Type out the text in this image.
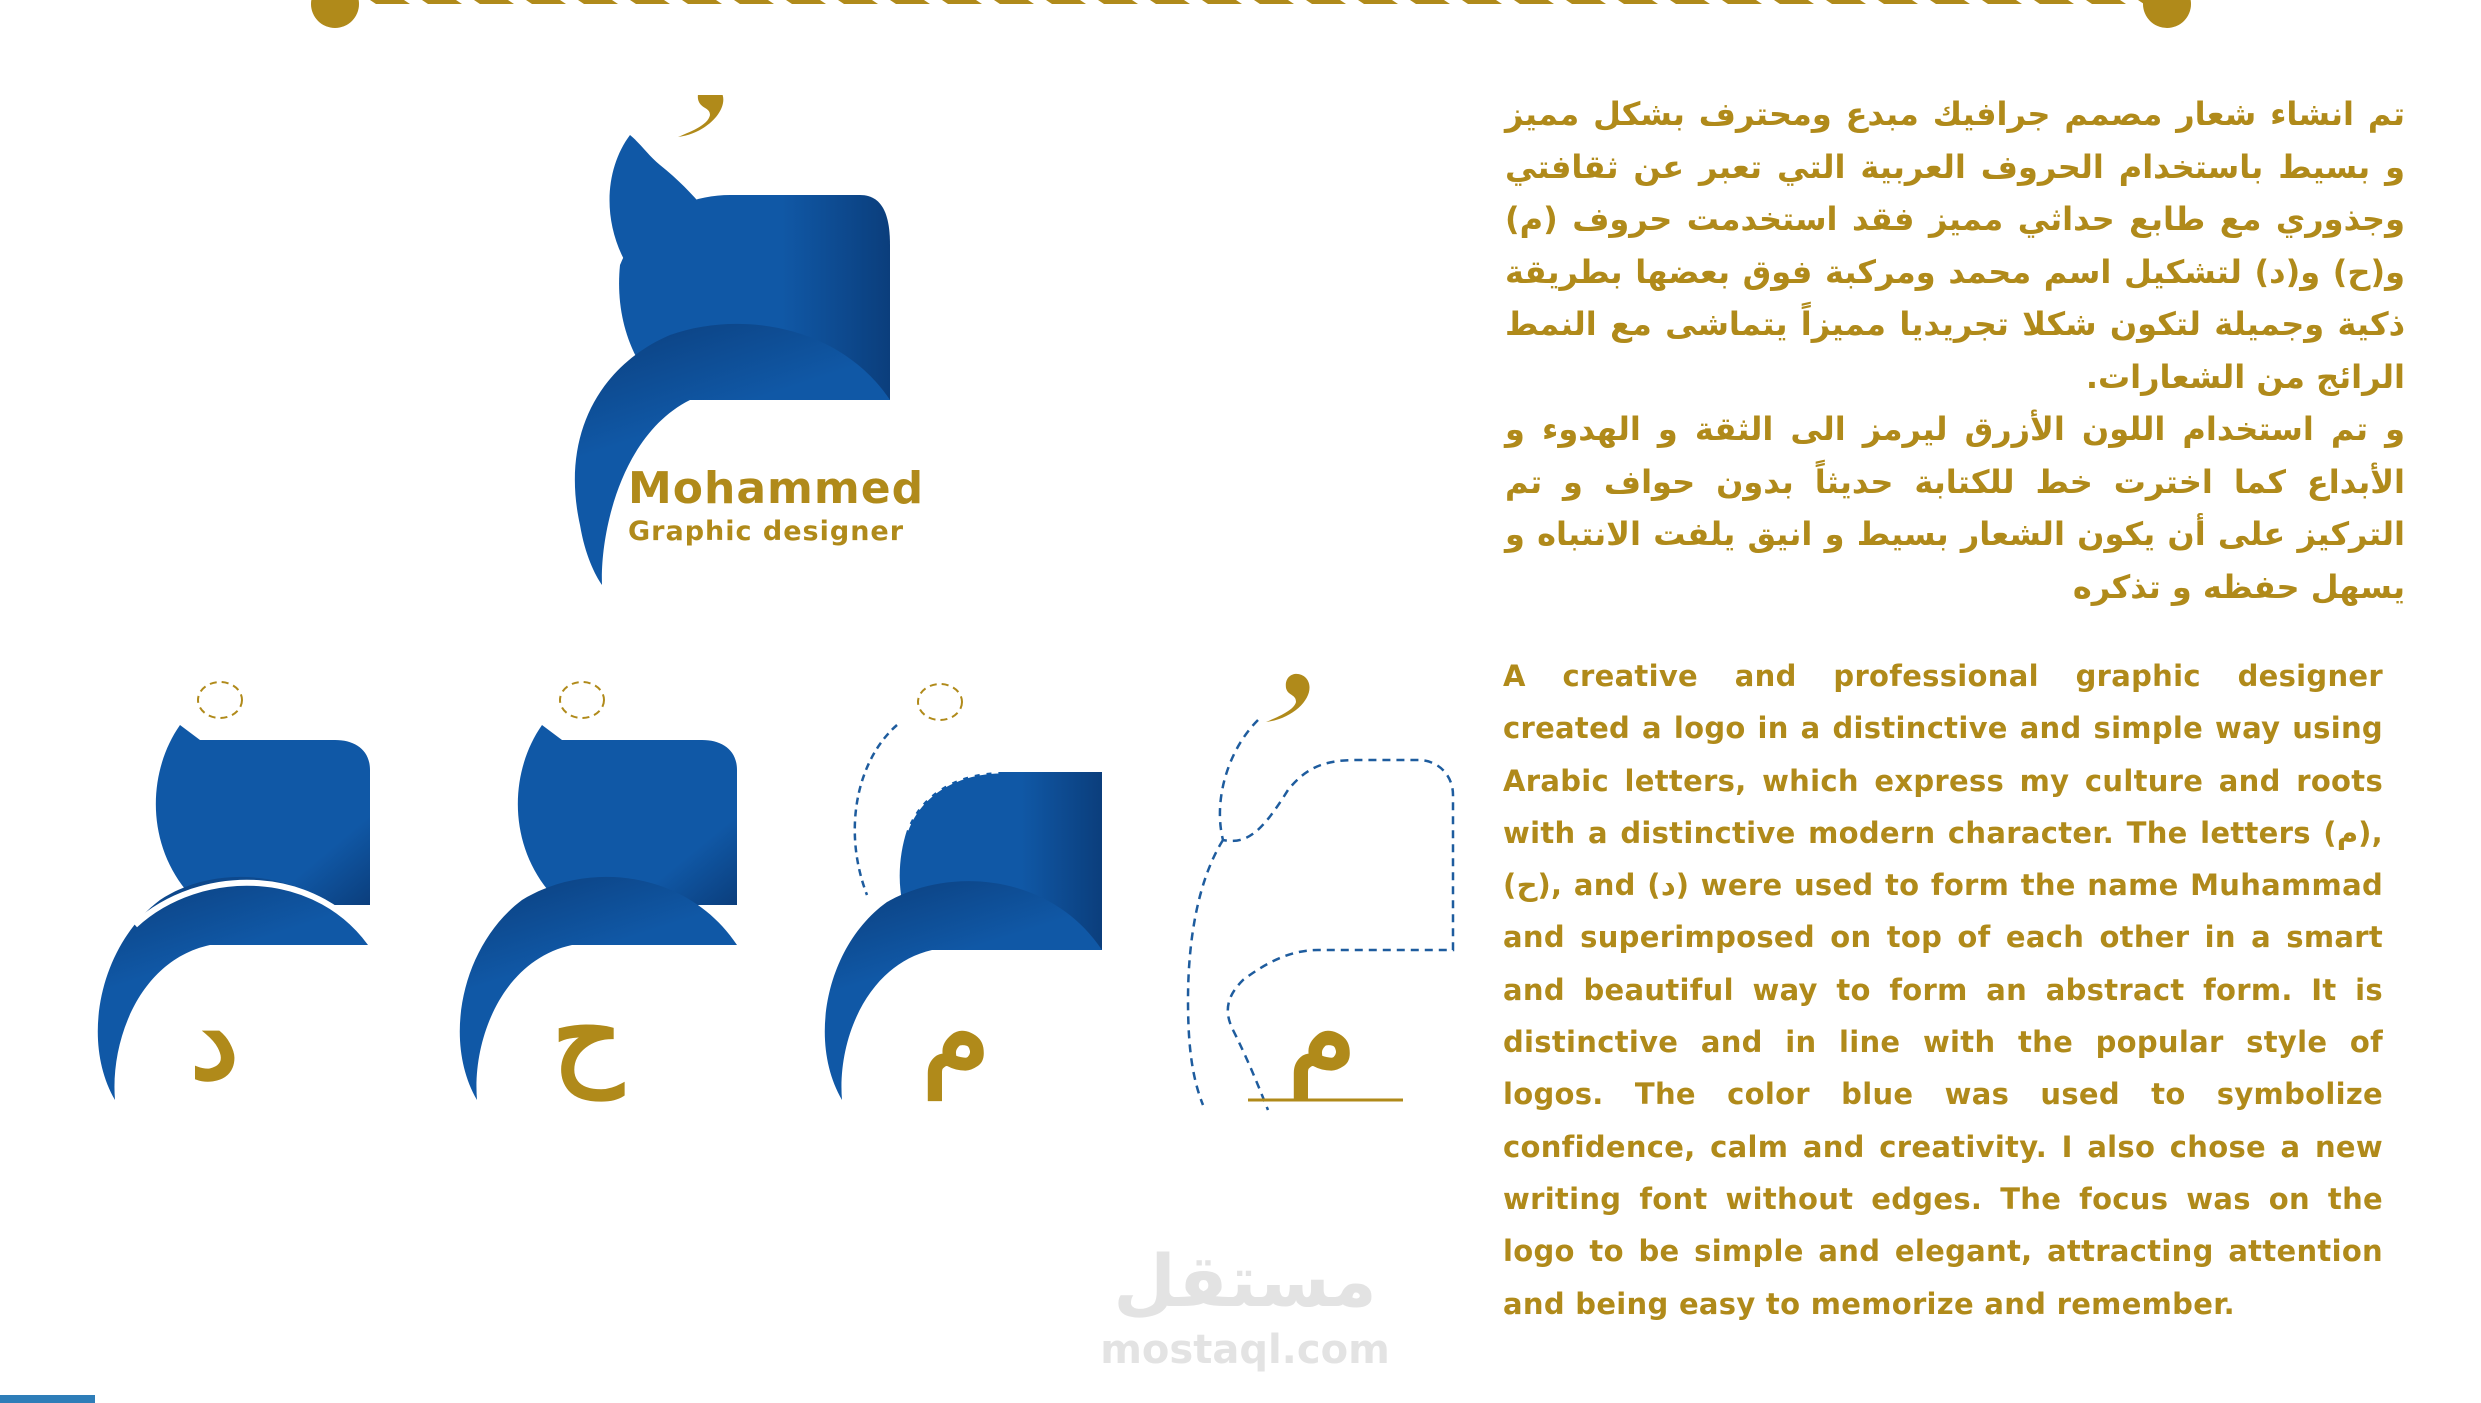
Mohammed
Graphic designer
د	ح	م	م

تم انشاء شعار مصمم جرافيك مبدع ومحترف بشكل مميز و بسيط باستخدام الحروف العربية التي تعبر عن ثقافتي وجذوري مع طابع حداثي مميز فقد استخدمت حروف (م) و(ح) و(د) لتشكيل اسم محمد ومركبة فوق بعضها بطريقة ذكية وجميلة لتكون شكلا تجريديا مميزاً يتماشى مع النمط الرائج من الشعارات.

و تم استخدام اللون الأزرق ليرمز الى الثقة و الهدوء و الأبداع كما اخترت خط للكتابة حديثاً بدون حواف و تم التركيز على أن يكون الشعار بسيط و انيق يلفت الانتباه و يسهل حفظه و تذكره

A creative and professional graphic designer created a logo in a distinctive and simple way using Arabic letters, which express my culture and roots with a distinctive modern character. The letters (م), (ح), and (د) were used to form the name Muhammad and superimposed on top of each other in a smart and beautiful way to form an abstract form. It is distinctive and in line with the popular style of logos. The color blue was used to symbolize confidence, calm and creativity. I also chose a new writing font without edges. The focus was on the logo to be simple and elegant, attracting attention and being easy to memorize and remember.

مستقل
mostaql.com
